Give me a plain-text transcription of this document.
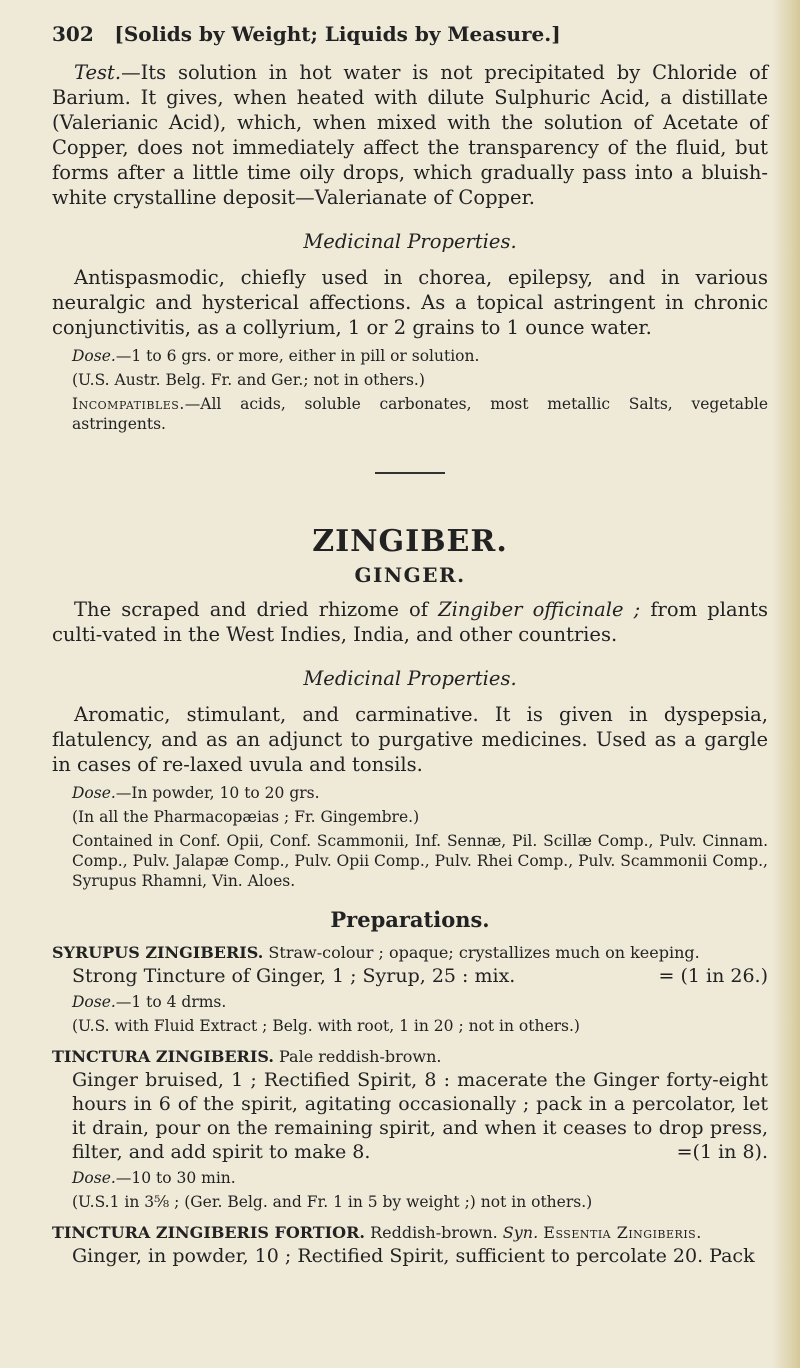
302 [Solids by Weight; Liquids by Measure.]

Test.—Its solution in hot water is not precipitated by Chloride of Barium. It gives, when heated with dilute Sulphuric Acid, a distillate (Valerianic Acid), which, when mixed with the solution of Acetate of Copper, does not immediately affect the transparency of the fluid, but forms after a little time oily drops, which gradually pass into a bluish-white crystalline deposit—Valerianate of Copper.

Medicinal Properties.

Antispasmodic, chiefly used in chorea, epilepsy, and in various neuralgic and hysterical affections. As a topical astringent in chronic conjunctivitis, as a collyrium, 1 or 2 grains to 1 ounce water.

Dose.—1 to 6 grs. or more, either in pill or solution.

(U.S. Austr. Belg. Fr. and Ger.; not in others.)

Incompatibles.—All acids, soluble carbonates, most metallic Salts, vegetable astringents.

ZINGIBER.
GINGER.

The scraped and dried rhizome of Zingiber officinale ; from plants culti-vated in the West Indies, India, and other countries.

Medicinal Properties.

Aromatic, stimulant, and carminative. It is given in dyspepsia, flatulency, and as an adjunct to purgative medicines. Used as a gargle in cases of re-laxed uvula and tonsils.

Dose.—In powder, 10 to 20 grs.

(In all the Pharmacopæias ; Fr. Gingembre.)

Contained in Conf. Opii, Conf. Scammonii, Inf. Sennæ, Pil. Scillæ Comp., Pulv. Cinnam. Comp., Pulv. Jalapæ Comp., Pulv. Opii Comp., Pulv. Rhei Comp., Pulv. Scammonii Comp., Syrupus Rhamni, Vin. Aloes.

Preparations.

SYRUPUS ZINGIBERIS. Straw-colour ; opaque; crystallizes much on keeping.

Strong Tincture of Ginger, 1 ; Syrup, 25 : mix.	= (1 in 26.)

Dose.—1 to 4 drms.

(U.S. with Fluid Extract ; Belg. with root, 1 in 20 ; not in others.)

TINCTURA ZINGIBERIS. Pale reddish-brown.

Ginger bruised, 1 ; Rectified Spirit, 8 : macerate the Ginger forty-eight hours in 6 of the spirit, agitating occasionally ; pack in a percolator, let it drain, pour on the remaining spirit, and when it ceases to drop press, filter, and add spirit to make 8.	=(1 in 8).

Dose.—10 to 30 min.

(U.S.1 in 3⅝ ; (Ger. Belg. and Fr. 1 in 5 by weight ;) not in others.)

TINCTURA ZINGIBERIS FORTIOR. Reddish-brown. Syn. Essentia Zingiberis.

Ginger, in powder, 10 ; Rectified Spirit, sufficient to percolate 20. Pack
